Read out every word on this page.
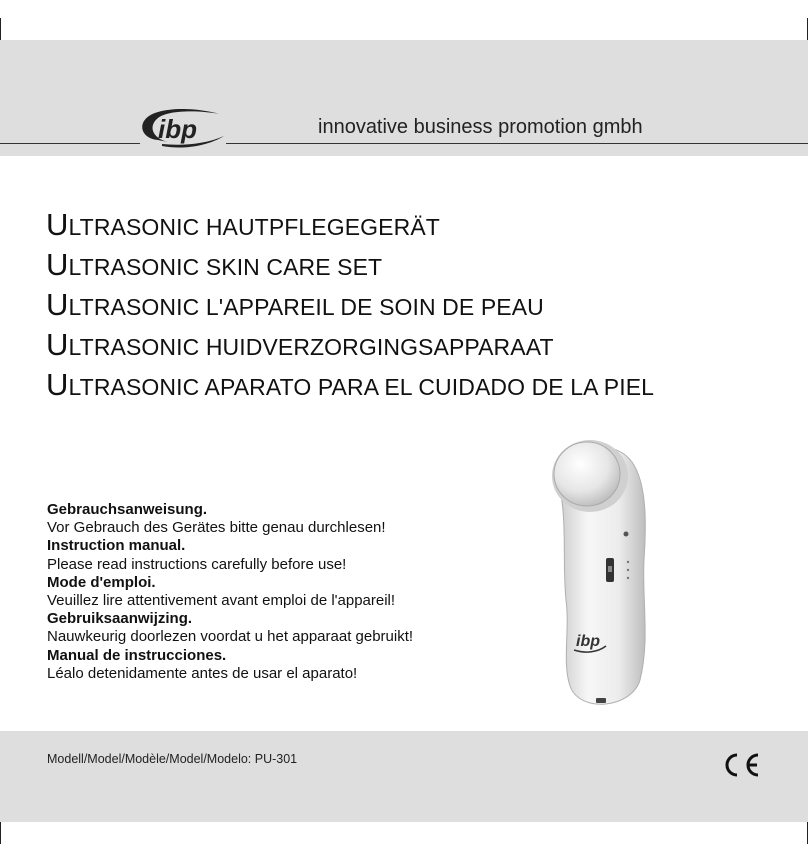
ibp	innovative business promotion gmbh
ULTRASONIC HAUTPFLEGEGERÄT
ULTRASONIC SKIN CARE SET
ULTRASONIC L'APPAREIL DE SOIN DE PEAU
ULTRASONIC HUIDVERZORGINGSAPPARAAT
ULTRASONIC APARATO PARA EL CUIDADO DE LA PIEL
Gebrauchsanweisung.
Vor Gebrauch des Gerätes bitte genau durchlesen!
Instruction manual.
Please read instructions carefully before use!
Mode d'emploi.
Veuillez lire attentivement avant emploi de l'appareil!
Gebruiksaanwijzing.
Nauwkeurig doorlezen voordat u het apparaat gebruikt!
Manual de instrucciones.
Léalo detenidamente antes de usar el aparato!
ibp
Modell/Model/Modèle/Model/Modelo: PU-301
